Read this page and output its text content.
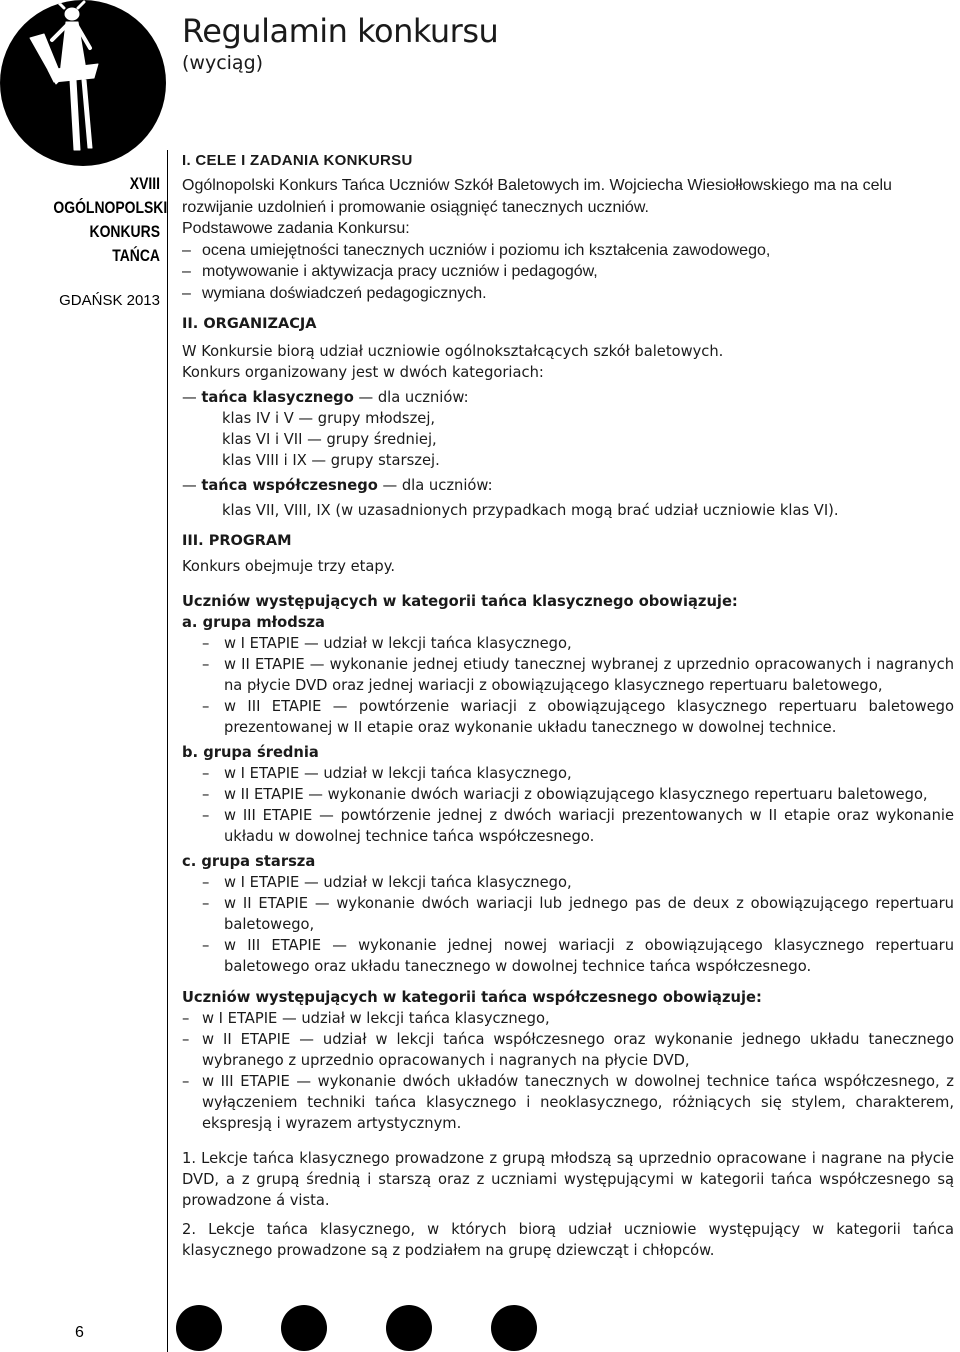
XVIII
OGÓLNOPOLSKI
KONKURS
TAŃCA
GDAŃSK 2013
6
Regulamin konkursu
(wyciąg)
I. CELE I ZADANIA KONKURSU

Ogólnopolski Konkurs Tańca Uczniów Szkół Baletowych im. Wojciecha Wiesiołłowskiego ma na celu rozwijanie uzdolnień i promowanie osiągnięć tanecznych uczniów.

Podstawowe zadania Konkursu:

– ocena umiejętności tanecznych uczniów i poziomu ich kształcenia zawodowego,
– motywowanie i aktywizacja pracy uczniów i pedagogów,
– wymiana doświadczeń pedagogicznych.
II. ORGANIZACJA

W Konkursie biorą udział uczniowie ogólnokształcących szkół baletowych.

Konkurs organizowany jest w dwóch kategoriach:

— tańca klasycznego — dla uczniów:
klas IV i V — grupy młodszej,
klas VI i VII — grupy średniej,
klas VIII i IX — grupy starszej.
— tańca współczesnego — dla uczniów:
klas VII, VIII, IX (w uzasadnionych przypadkach mogą brać udział uczniowie klas VI).
III. PROGRAM

Konkurs obejmuje trzy etapy.

Uczniów występujących w kategorii tańca klasycznego obowiązuje:
a. grupa młodsza
– w I ETAPIE — udział w lekcji tańca klasycznego,
– w II ETAPIE — wykonanie jednej etiudy tanecznej wybranej z uprzednio opracowanych i nagranych na płycie DVD oraz jednej wariacji z obowiązującego klasycznego repertuaru baletowego,
– w III ETAPIE — powtórzenie wariacji z obowiązującego klasycznego repertuaru baletowego prezentowanej w II etapie oraz wykonanie układu tanecznego w dowolnej technice.
b. grupa średnia
– w I ETAPIE — udział w lekcji tańca klasycznego,
– w II ETAPIE — wykonanie dwóch wariacji z obowiązującego klasycznego repertuaru baletowego,
– w III ETAPIE — powtórzenie jednej z dwóch wariacji prezentowanych w II etapie oraz wykonanie układu w dowolnej technice tańca współczesnego.
c. grupa starsza
– w I ETAPIE — udział w lekcji tańca klasycznego,
– w II ETAPIE — wykonanie dwóch wariacji lub jednego pas de deux z obowiązującego repertuaru baletowego,
– w III ETAPIE — wykonanie jednej nowej wariacji z obowiązującego klasycznego repertuaru baletowego oraz układu tanecznego w dowolnej technice tańca współczesnego.
Uczniów występujących w kategorii tańca współczesnego obowiązuje:
– w I ETAPIE — udział w lekcji tańca klasycznego,
– w II ETAPIE — udział w lekcji tańca współczesnego oraz wykonanie jednego układu tanecznego wybranego z uprzednio opracowanych i nagranych na płycie DVD,
– w III ETAPIE — wykonanie dwóch układów tanecznych w dowolnej technice tańca współczesnego, z wyłączeniem techniki tańca klasycznego i neoklasycznego, różniących się stylem, charakterem, ekspresją i wyrazem artystycznym.

1. Lekcje tańca klasycznego prowadzone z grupą młodszą są uprzednio opracowane i nagrane na płycie DVD, a z grupą średnią i starszą oraz z uczniami występującymi w kategorii tańca współczesnego są prowadzone á vista.

2. Lekcje tańca klasycznego, w których biorą udział uczniowie występujący w kategorii tańca klasycznego prowadzone są z podziałem na grupę dziewcząt i chłopców.
